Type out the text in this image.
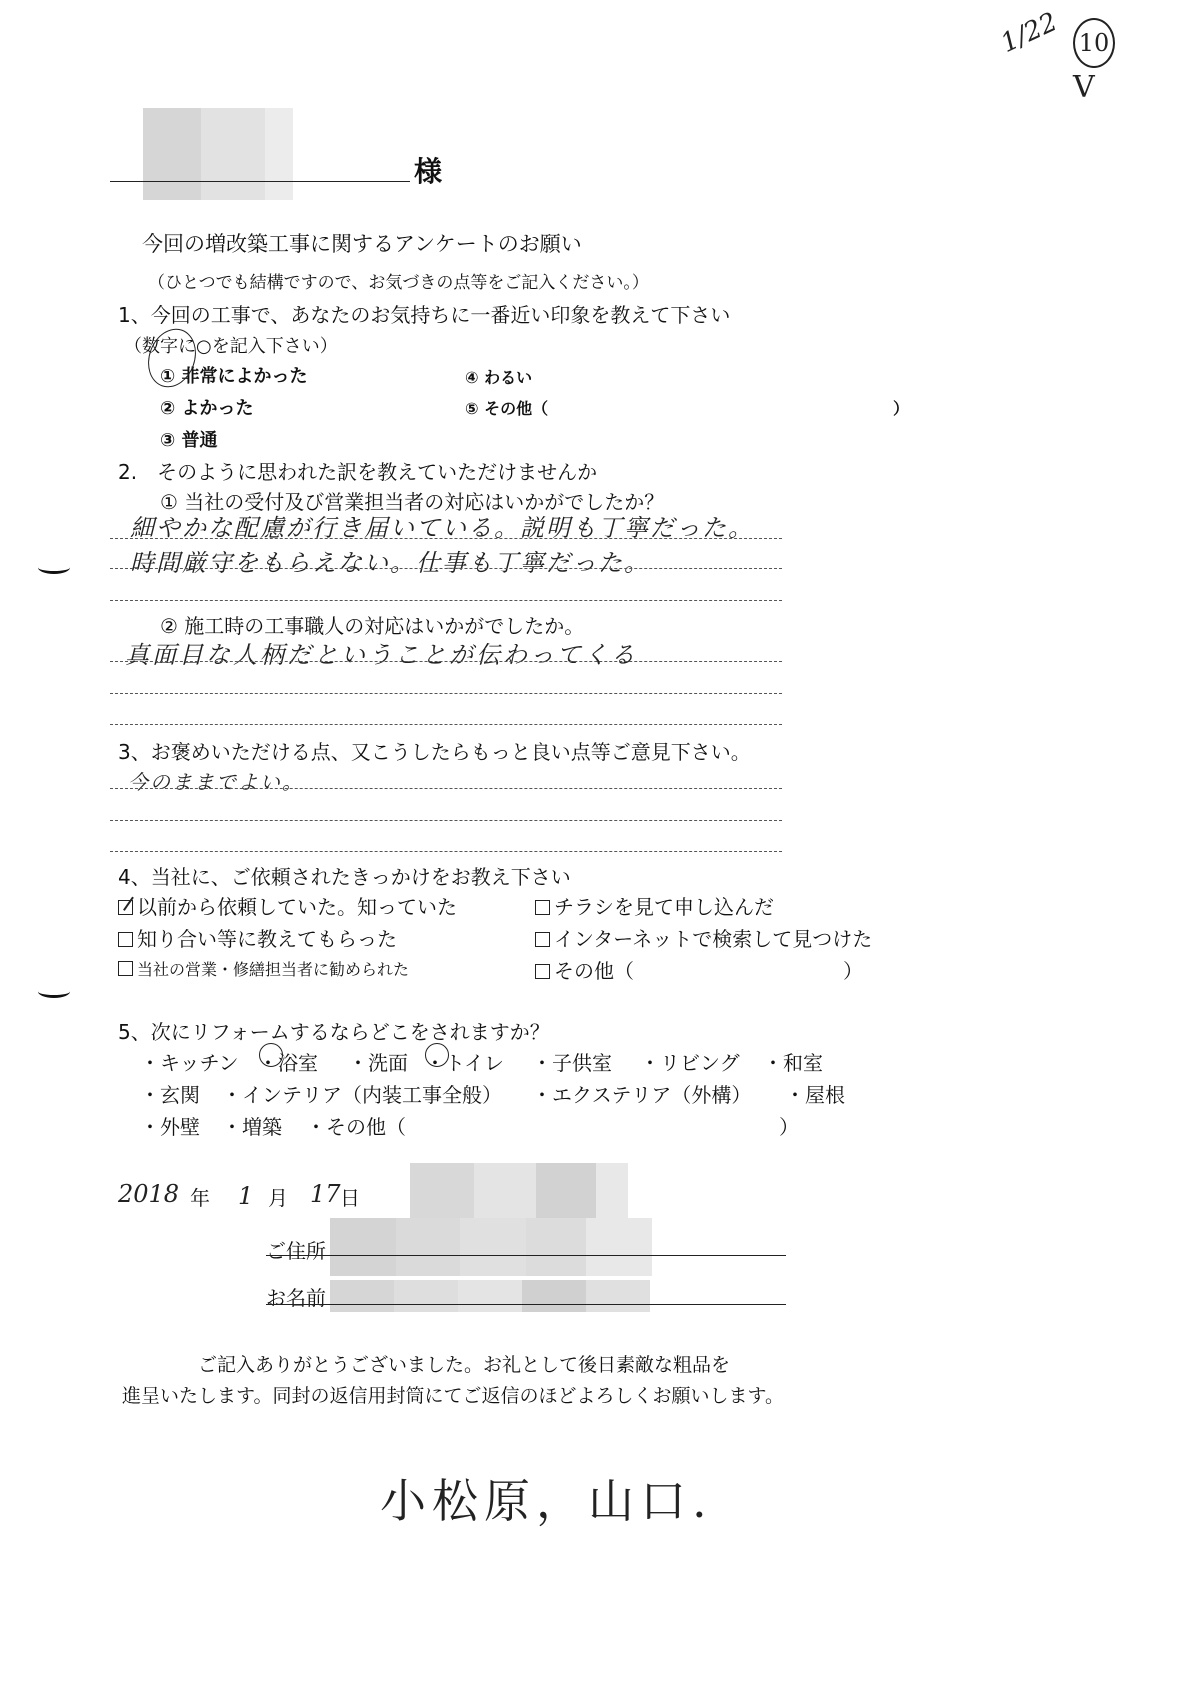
1/22 10
V
様
今回の増改築工事に関するアンケートのお願い
（ひとつでも結構ですので、お気づきの点等をご記入ください。）
1、今回の工事で、あなたのお気持ちに一番近い印象を教えて下さい
（数字に○を記入下さい）
① 非常によかった
② よかった
③ 普通
④ わるい
⑤ その他（	）
2.　そのように思われた訳を教えていただけませんか
① 当社の受付及び営業担当者の対応はいかがでしたか？
細やかな配慮が行き届いている。説明も丁寧だった。
時間厳守をもらえない。仕事も丁寧だった。
② 施工時の工事職人の対応はいかがでしたか。
真面目な人柄だということが伝わってくる
3、お褒めいただける点、又こうしたらもっと良い点等ご意見下さい。
今のままでよい。
4、当社に、ご依頼されたきっかけをお教え下さい
以前から依頼していた。知っていた
知り合い等に教えてもらった
当社の営業・修繕担当者に勧められた
チラシを見て申し込んだ
インターネットで検索して見つけた
その他（	）
5、次にリフォームするならどこをされますか？
・キッチン ・浴室 ・洗面 ・トイレ ・子供室 ・リビング ・和室
・玄関 ・インテリア（内装工事全般） ・エクステリア（外構） ・屋根
・外壁 ・増築 ・その他（	）
2018 年 1 月 17 日
ご住所
お名前
ご記入ありがとうございました。お礼として後日素敵な粗品を
進呈いたします。同封の返信用封筒にてご返信のほどよろしくお願いします。
小松原，山口.
